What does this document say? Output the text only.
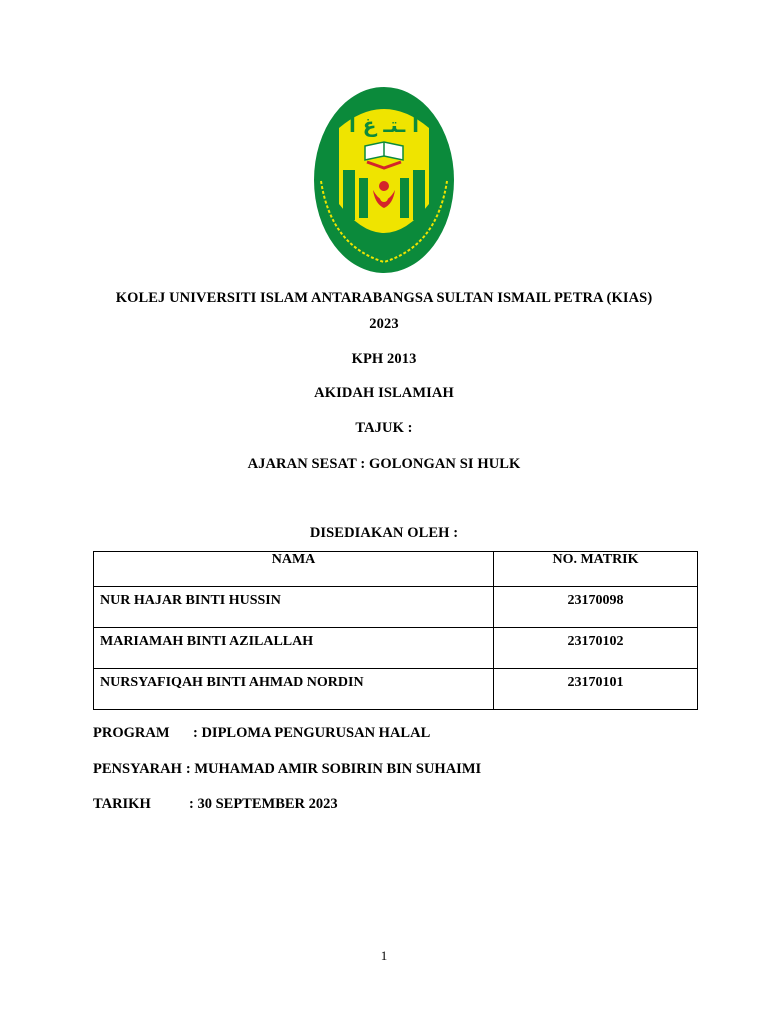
أ ـتـ غ ا
KOLEJ UNIVERSITI ISLAM ANTARABANGSA SULTAN ISMAIL PETRA (KIAS)
2023
KPH 2013
AKIDAH ISLAMIAH
TAJUK :
AJARAN SESAT : GOLONGAN SI HULK
DISEDIAKAN OLEH :
NAMA	NO. MATRIK
NUR HAJAR BINTI HUSSIN	23170098
MARIAMAH BINTI AZILALLAH	23170102
NURSYAFIQAH BINTI AHMAD NORDIN	23170101
PROGRAM : DIPLOMA PENGURUSAN HALAL
PENSYARAH : MUHAMAD AMIR SOBIRIN BIN SUHAIMI
TARIKH	: 30 SEPTEMBER 2023
1
